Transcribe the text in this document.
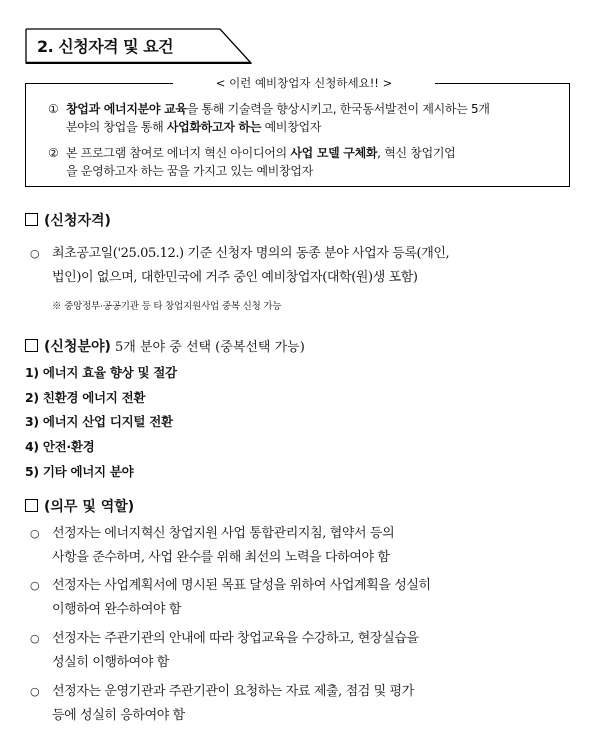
2. 신청자격 및 요건
< 이런 예비창업자 신청하세요!! >
① 창업과 에너지분야 교육을 통해 기술력을 향상시키고, 한국동서발전이 제시하는 5개
분야의 창업을 통해 사업화하고자 하는 예비창업자
② 본 프로그램 참여로 에너지 혁신 아이디어의 사업 모델 구체화, 혁신 창업기업
을 운영하고자 하는 꿈을 가지고 있는 예비창업자
(신청자격)
○ 최초공고일('25.05.12.) 기준 신청자 명의의 동종 분야 사업자 등록(개인,
법인)이 없으며, 대한민국에 거주 중인 예비창업자(대학(원)생 포함)
※ 중앙정부·공공기관 등 타 창업지원사업 중복 신청 가능
(신청분야) 5개 분야 중 선택 (중복선택 가능)
1) 에너지 효율 향상 및 절감
2) 친환경 에너지 전환
3) 에너지 산업 디지털 전환
4) 안전·환경
5) 기타 에너지 분야
(의무 및 역할)
○ 선정자는 에너지혁신 창업지원 사업 통합관리지침, 협약서 등의
사항을 준수하며, 사업 완수를 위해 최선의 노력을 다하여야 함
○ 선정자는 사업계획서에 명시된 목표 달성을 위하여 사업계획을 성실히
이행하여 완수하여야 함
○ 선정자는 주관기관의 안내에 따라 창업교육을 수강하고, 현장실습을
성실히 이행하여야 함
○ 선정자는 운영기관과 주관기관이 요청하는 자료 제출, 점검 및 평가
등에 성실히 응하여야 함
